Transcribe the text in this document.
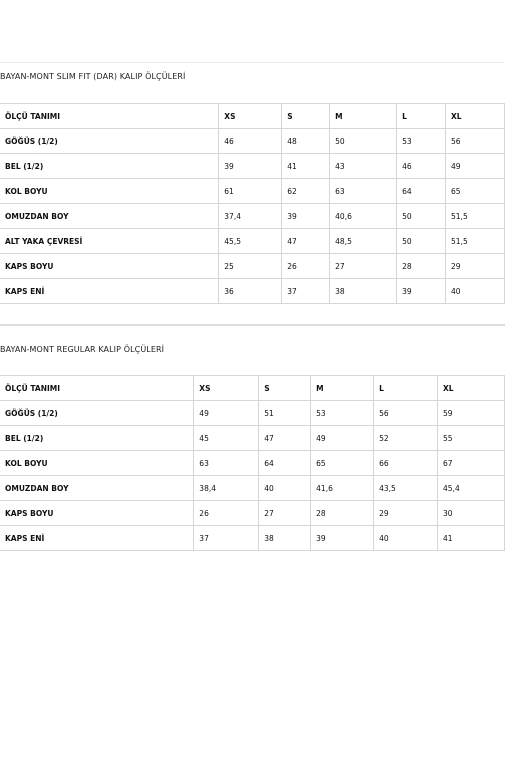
BAYAN-MONT SLIM FIT (DAR) KALIP ÖLÇÜLERİ
ÖLÇÜ TANIMI	XS	S	M	L	XL
GÖĞÜS (1/2)	46	48	50	53	56
BEL (1/2)	39	41	43	46	49
KOL BOYU	61	62	63	64	65
OMUZDAN BOY	37,4	39	40,6	50	51,5
ALT YAKA ÇEVRESİ	45,5	47	48,5	50	51,5
KAPS BOYU	25	26	27	28	29
KAPS ENİ	36	37	38	39	40
BAYAN-MONT REGULAR KALIP ÖLÇÜLERİ
ÖLÇÜ TANIMI	XS	S	M	L	XL
GÖĞÜS (1/2)	49	51	53	56	59
BEL (1/2)	45	47	49	52	55
KOL BOYU	63	64	65	66	67
OMUZDAN BOY	38,4	40	41,6	43,5	45,4
KAPS BOYU	26	27	28	29	30
KAPS ENİ	37	38	39	40	41
